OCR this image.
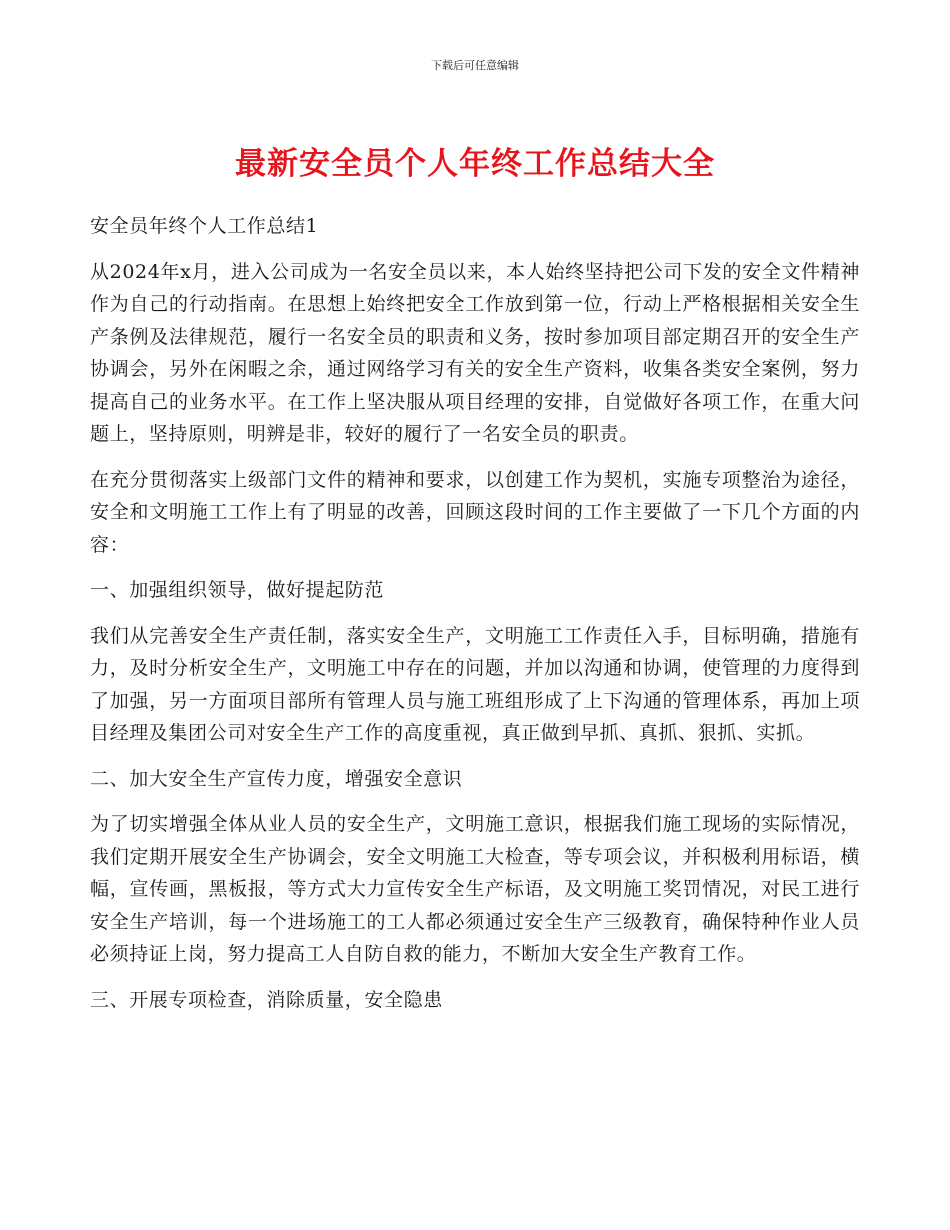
下载后可任意编辑
最新安全员个人年终工作总结大全
安全员年终个人工作总结1

从2024年x月，进入公司成为一名安全员以来，本人始终坚持把公司下发的安全文件精神作为自己的行动指南。在思想上始终把安全工作放到第一位，行动上严格根据相关安全生产条例及法律规范，履行一名安全员的职责和义务，按时参加项目部定期召开的安全生产协调会，另外在闲暇之余，通过网络学习有关的安全生产资料，收集各类安全案例，努力提高自己的业务水平。在工作上坚决服从项目经理的安排，自觉做好各项工作，在重大问题上，坚持原则，明辨是非，较好的履行了一名安全员的职责。

在充分贯彻落实上级部门文件的精神和要求，以创建工作为契机，实施专项整治为途径，安全和文明施工工作上有了明显的改善，回顾这段时间的工作主要做了一下几个方面的内容：

一、加强组织领导，做好提起防范

我们从完善安全生产责任制，落实安全生产，文明施工工作责任入手，目标明确，措施有力，及时分析安全生产，文明施工中存在的问题，并加以沟通和协调，使管理的力度得到了加强，另一方面项目部所有管理人员与施工班组形成了上下沟通的管理体系，再加上项目经理及集团公司对安全生产工作的高度重视，真正做到早抓、真抓、狠抓、实抓。

二、加大安全生产宣传力度，增强安全意识

为了切实增强全体从业人员的安全生产，文明施工意识，根据我们施工现场的实际情况，我们定期开展安全生产协调会，安全文明施工大检查，等专项会议，并积极利用标语，横幅，宣传画，黑板报，等方式大力宣传安全生产标语，及文明施工奖罚情况，对民工进行安全生产培训，每一个进场施工的工人都必须通过安全生产三级教育，确保特种作业人员必须持证上岗，努力提高工人自防自救的能力，不断加大安全生产教育工作。

三、开展专项检查，消除质量，安全隐患
